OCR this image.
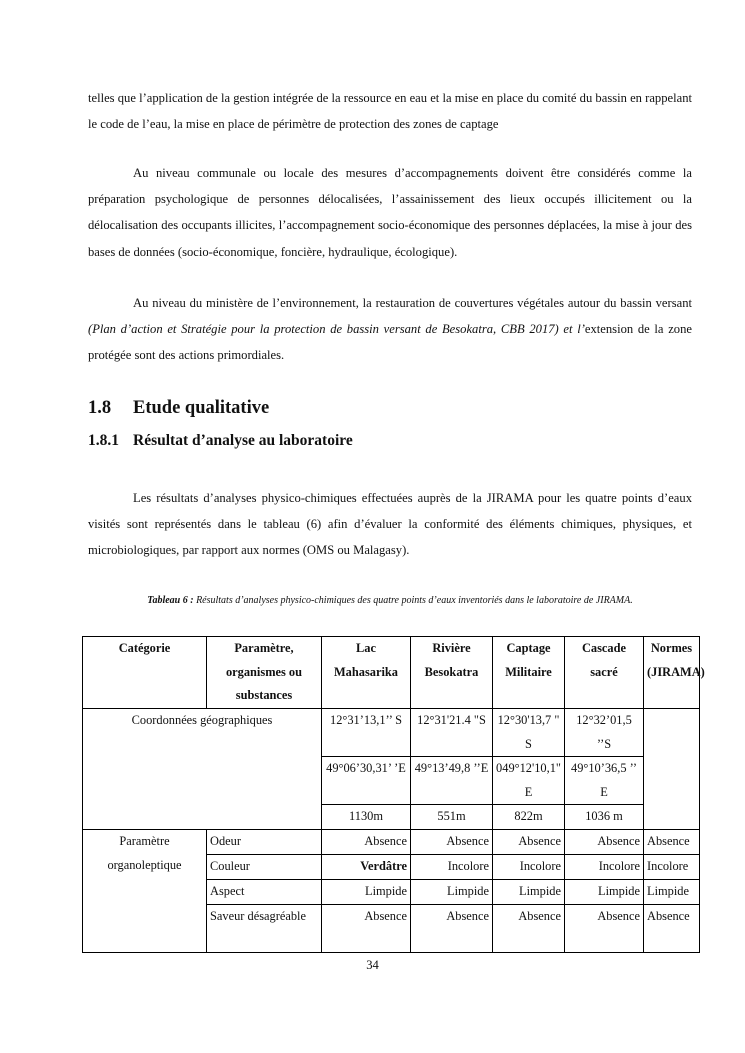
telles que l’application de la gestion intégrée de la ressource en eau et la mise en place du comité du bassin en rappelant le code de l’eau, la mise en place de périmètre de protection des zones de captage

Au niveau communale ou locale des mesures d’accompagnements doivent être considérés comme la préparation psychologique de personnes délocalisées, l’assainissement des lieux occupés illicitement ou la délocalisation des occupants illicites, l’accompagnement socio-économique des personnes déplacées, la mise à jour des bases de données (socio-économique, foncière, hydraulique, écologique).

Au niveau du ministère de l’environnement, la restauration de couvertures végétales autour du bassin versant (Plan d’action et Stratégie pour la protection de bassin versant de Besokatra, CBB 2017) et l’extension de la zone protégée sont des actions primordiales.

1.8 Etude qualitative
1.8.1 Résultat d’analyse au laboratoire

Les résultats d’analyses physico-chimiques effectuées auprès de la JIRAMA pour les quatre points d’eaux visités sont représentés dans le tableau (6) afin d’évaluer la conformité des éléments chimiques, physiques, et microbiologiques, par rapport aux normes (OMS ou Malagasy).

Tableau 6 : Résultats d’analyses physico-chimiques des quatre points d’eaux inventoriés dans le laboratoire de JIRAMA.
Catégorie	Paramètre, organismes ou substances	Lac Mahasarika	Rivière Besokatra	Captage Militaire	Cascade sacré	Normes (JIRAMA)
Coordonnées géographiques		12°31’13,1’’ S	12°31'21.4 "S	12°30'13,7 " S	12°32’01,5 ’’S	
		49°06’30,31’ ’E	49°13’49,8 ’’E	049°12'10,1" E	49°10’36,5 ’’ E	
		1130m	551m	822m	1036 m	
Paramètre organoleptique	Odeur	Absence	Absence	Absence	Absence	Absence
	Couleur	Verdâtre	Incolore	Incolore	Incolore	Incolore
	Aspect	Limpide	Limpide	Limpide	Limpide	Limpide
	Saveur désagréable	Absence	Absence	Absence	Absence	Absence
34
